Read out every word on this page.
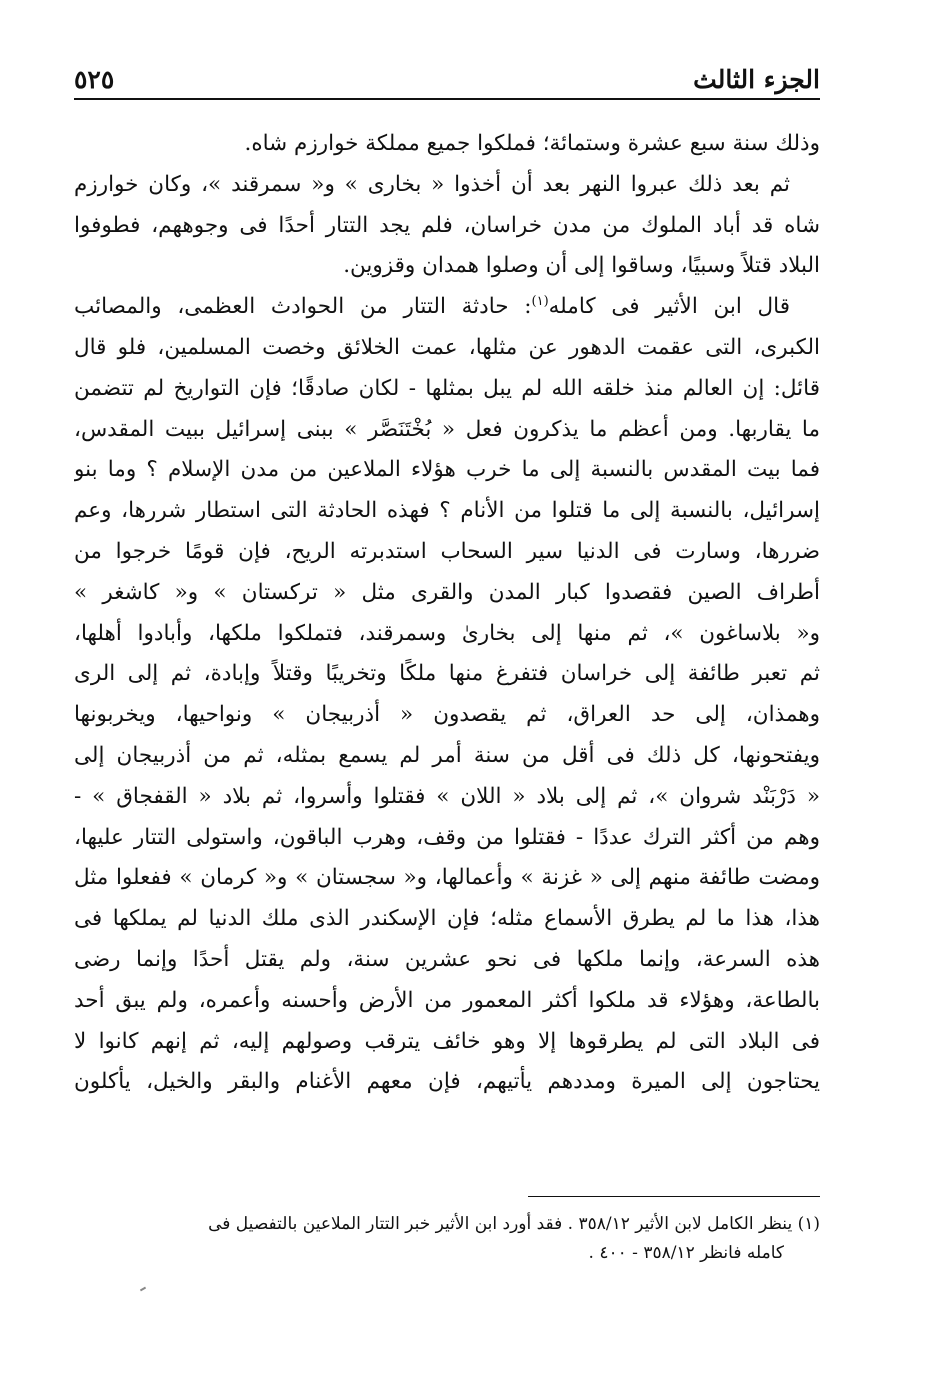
الجزء الثالث
٥٢٥
وذلك سنة سبع عشرة وستمائة؛ فملكوا جميع مملكة خوارزم شاه.
ثم بعد ذلك عبروا النهر بعد أن أخذوا « بخارى » و« سمرقند »، وكان خوارزم
شاه قد أباد الملوك من مدن خراسان، فلم يجد التتار أحدًا فى وجوههم، فطوفوا
البلاد قتلاً وسبيًا، وساقوا إلى أن وصلوا همدان وقزوين.
قال ابن الأثير فى كامله$^{(١)}$: حادثة التتار من الحوادث العظمى، والمصائب
الكبرى، التى عقمت الدهور عن مثلها، عمت الخلائق وخصت المسلمين، فلو قال
قائل: إن العالم منذ خلقه الله لم يبل بمثلها - لكان صادقًا؛ فإن التواريخ لم تتضمن
ما يقاربها. ومن أعظم ما يذكرون فعل « بُخْتَنَصَّر » ببنى إسرائيل ببيت المقدس،
فما بيت المقدس بالنسبة إلى ما خرب هؤلاء الملاعين من مدن الإسلام ؟ وما بنو
إسرائيل، بالنسبة إلى ما قتلوا من الأنام ؟ فهذه الحادثة التى استطار شررها، وعم
ضررها، وسارت فى الدنيا سير السحاب استدبرته الريح، فإن قومًا خرجوا من
أطراف الصين فقصدوا كبار المدن والقرى مثل « تركستان » و« كاشغر »
و« بلاساغون »، ثم منها إلى بخارىٰ وسمرقند، فتملكوا ملكها، وأبادوا أهلها،
ثم تعبر طائفة إلى خراسان فتفرغ منها ملكًا وتخريبًا وقتلاً وإبادة، ثم إلى الرى
وهمذان، إلى حد العراق، ثم يقصدون « أذربيجان » ونواحيها، ويخربونها
ويفتحونها، كل ذلك فى أقل من سنة أمر لم يسمع بمثله، ثم من أذربيجان إلى
« دَرْبَنْد شروان »، ثم إلى بلاد « اللان » فقتلوا وأسروا، ثم بلاد « القفجاق » -
وهم من أكثر الترك عددًا - فقتلوا من وقف، وهرب الباقون، واستولى التتار عليها،
ومضت طائفة منهم إلى « غزنة » وأعمالها، و« سجستان » و« كرمان » ففعلوا مثل
هذا، هذا ما لم يطرق الأسماع مثله؛ فإن الإسكندر الذى ملك الدنيا لم يملكها فى
هذه السرعة، وإنما ملكها فى نحو عشرين سنة، ولم يقتل أحدًا وإنما رضى
بالطاعة، وهؤلاء قد ملكوا أكثر المعمور من الأرض وأحسنه وأعمره، ولم يبق أحد
فى البلاد التى لم يطرقوها إلا وهو خائف يترقب وصولهم إليه، ثم إنهم كانوا لا
يحتاجون إلى الميرة ومددهم يأتيهم، فإن معهم الأغنام والبقر والخيل، يأكلون
(١) ينظر الكامل لابن الأثير ٣٥٨/١٢ . فقد أورد ابن الأثير خبر التتار الملاعين بالتفصيل فى
كامله فانظر ٣٥٨/١٢ - ٤٠٠ .
